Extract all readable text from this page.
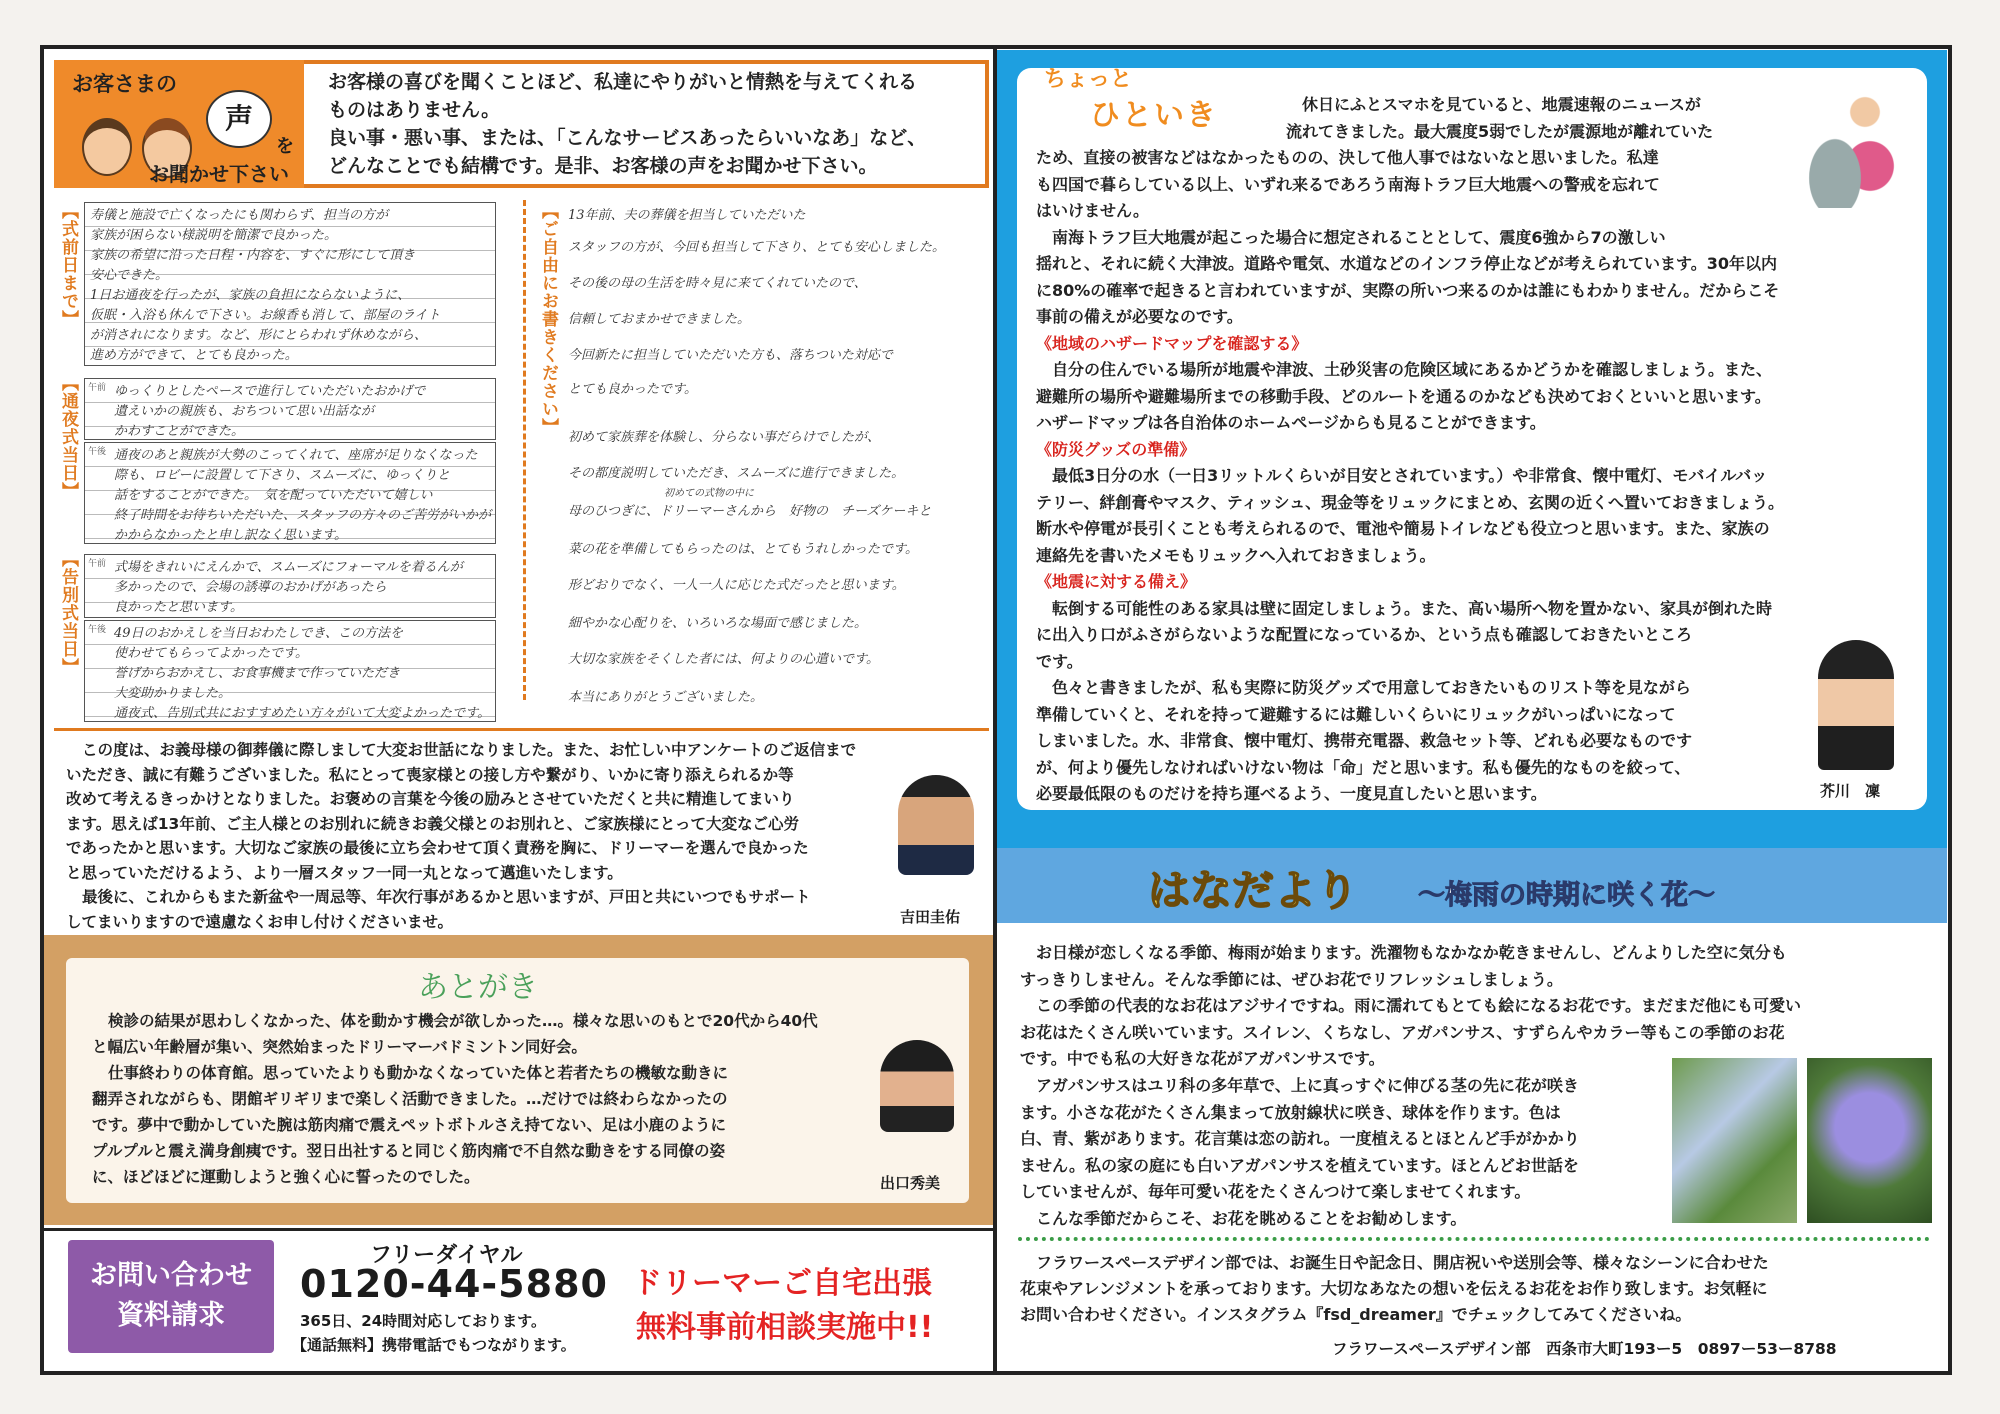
お客さまの
声
を
お聞かせ下さい
お客様の喜びを聞くことほど、私達にやりがいと情熱を与えてくれる
ものはありません。
良い事・悪い事、または、「こんなサービスあったらいいなあ」など、
どんなことでも結構です。是非、お客様の声をお聞かせ下さい。
【式前日まで】
【通夜式当日】
【告別式当日】
【ご自由にお書きください】
寿儀と施設で亡くなったにも関わらず、担当の方が
家族が困らない様説明を簡潔で良かった。
家族の希望に沿った日程・内容を、すぐに形にして頂き
安心できた。
1日お通夜を行ったが、家族の負担にならないように、
仮眠・入浴も休んで下さい。お線香も消して、部屋のライト
が消されになります。など、形にとらわれず休めながら、
進め方ができて、とても良かった。
午前 ゆっくりとしたペースで進行していただいたおかげで
遺えいかの親族も、おちついて思い出話なが
かわすことができた。
午後 通夜のあと親族が大勢のこってくれて、座席が足りなくなった
際も、ロビーに設置して下さり、スムーズに、ゆっくりと
話をすることができた。　気を配っていただいて嬉しい
終了時間をお待ちいただいた、スタッフの方々のご苦労がいかが
かからなかったと申し訳なく思います。
午前 式場をきれいにえんかで、スムーズにフォーマルを着るんが
多かったので、会場の誘導のおかげがあったら
良かったと思います。
午後 49日のおかえしを当日おわたしでき、この方法を
使わせてもらってよかったです。
誉げからおかえし、お食事機まで作っていただき
大変助かりました。
通夜式、告別式共におすすめたい方々がいて大変よかったです。
13年前、夫の葬儀を担当していただいた
スタッフの方が、今回も担当して下さり、とても安心しました。
その後の母の生活を時々見に来てくれていたので、
信頼しておまかせできました。
今回新たに担当していただいた方も、落ちついた対応で
とても良かったです。
初めて家族葬を体験し、分らない事だらけでしたが、
その都度説明していただき、スムーズに進行できました。
初めての式物の中に
母のひつぎに、ドリーマーさんから　好物の　チーズケーキと
菜の花を準備してもらったのは、とてもうれしかったです。
形どおりでなく、一人一人に応じた式だったと思います。
細やかな心配りを、いろいろな場面で感じました。
大切な家族をそくした者には、何よりの心遣いです。
本当にありがとうございました。
この度は、お義母様の御葬儀に際しまして大変お世話になりました。また、お忙しい中アンケートのご返信まで
いただき、誠に有難うございました。私にとって喪家様との接し方や繋がり、いかに寄り添えられるか等
改めて考えるきっかけとなりました。お褒めの言葉を今後の励みとさせていただくと共に精進してまいり
ます。思えば13年前、ご主人様とのお別れに続きお義父様とのお別れと、ご家族様にとって大変なご心労
であったかと思います。大切なご家族の最後に立ち会わせて頂く責務を胸に、ドリーマーを選んで良かった
と思っていただけるよう、より一層スタッフ一同一丸となって邁進いたします。
最後に、これからもまた新盆や一周忌等、年次行事があるかと思いますが、戸田と共にいつでもサポート
してまいりますので遠慮なくお申し付けくださいませ。	吉田圭佑
あとがき
検診の結果が思わしくなかった、体を動かす機会が欲しかった…。様々な思いのもとで20代から40代
と幅広い年齢層が集い、突然始まったドリーマーバドミントン同好会。
仕事終わりの体育館。思っていたよりも動かなくなっていた体と若者たちの機敏な動きに
翻弄されながらも、閉館ギリギリまで楽しく活動できました。…だけでは終わらなかったの
です。夢中で動かしていた腕は筋肉痛で震えペットボトルさえ持てない、足は小鹿のように
プルプルと震え満身創痍です。翌日出社すると同じく筋肉痛で不自然な動きをする同僚の姿
に、ほどほどに運動しようと強く心に誓ったのでした。	出口秀美
お問い合わせ
資料請求
フリーダイヤル
0120-44-5880
365日、24時間対応しております。
【通話無料】携帯電話でもつながります。
ドリーマーご自宅出張
無料事前相談実施中!!
ちょっと
ひといき	休日にふとスマホを見ていると、地震速報のニュースが
流れてきました。最大震度5弱でしたが震源地が離れていた
ため、直接の被害などはなかったものの、決して他人事ではないなと思いました。私達
も四国で暮らしている以上、いずれ来るであろう南海トラフ巨大地震への警戒を忘れて
はいけません。
南海トラフ巨大地震が起こった場合に想定されることとして、震度6強から7の激しい
揺れと、それに続く大津波。道路や電気、水道などのインフラ停止などが考えられています。30年以内
に80%の確率で起きると言われていますが、実際の所いつ来るのかは誰にもわかりません。だからこそ
事前の備えが必要なのです。
《地域のハザードマップを確認する》
自分の住んでいる場所が地震や津波、土砂災害の危険区域にあるかどうかを確認しましょう。また、
避難所の場所や避難場所までの移動手段、どのルートを通るのかなども決めておくといいと思います。
ハザードマップは各自治体のホームページからも見ることができます。
《防災グッズの準備》
最低3日分の水（一日3リットルくらいが目安とされています。）や非常食、懐中電灯、モバイルバッ
テリー、絆創膏やマスク、ティッシュ、現金等をリュックにまとめ、玄関の近くへ置いておきましょう。
断水や停電が長引くことも考えられるので、電池や簡易トイレなども役立つと思います。また、家族の
連絡先を書いたメモもリュックへ入れておきましょう。
《地震に対する備え》
転倒する可能性のある家具は壁に固定しましょう。また、高い場所へ物を置かない、家具が倒れた時
に出入り口がふさがらないような配置になっているか、という点も確認しておきたいところ
です。
色々と書きましたが、私も実際に防災グッズで用意しておきたいものリスト等を見ながら
準備していくと、それを持って避難するには難しいくらいにリュックがいっぱいになって
しまいました。水、非常食、懐中電灯、携帯充電器、救急セット等、どれも必要なものです
が、何より優先しなければいけない物は「命」だと思います。私も優先的なものを絞って、
必要最低限のものだけを持ち運べるよう、一度見直したいと思います。	芥川　凜
はなだより ～梅雨の時期に咲く花～
お日様が恋しくなる季節、梅雨が始まります。洗濯物もなかなか乾きませんし、どんよりした空に気分も
すっきりしません。そんな季節には、ぜひお花でリフレッシュしましょう。
この季節の代表的なお花はアジサイですね。雨に濡れてもとても絵になるお花です。まだまだ他にも可愛い
お花はたくさん咲いています。スイレン、くちなし、アガパンサス、すずらんやカラー等もこの季節のお花
です。中でも私の大好きな花がアガパンサスです。
アガパンサスはユリ科の多年草で、上に真っすぐに伸びる茎の先に花が咲き
ます。小さな花がたくさん集まって放射線状に咲き、球体を作ります。色は
白、青、紫があります。花言葉は恋の訪れ。一度植えるとほとんど手がかかり
ません。私の家の庭にも白いアガパンサスを植えています。ほとんどお世話を
していませんが、毎年可愛い花をたくさんつけて楽しませてくれます。
こんな季節だからこそ、お花を眺めることをお勧めします。
フラワースペースデザイン部では、お誕生日や記念日、開店祝いや送別会等、様々なシーンに合わせた
花束やアレンジメントを承っております。大切なあなたの想いを伝えるお花をお作り致します。お気軽に
お問い合わせください。インスタグラム『fsd_dreamer』でチェックしてみてくださいね。
フラワースペースデザイン部　西条市大町193ー5　0897ー53ー8788
